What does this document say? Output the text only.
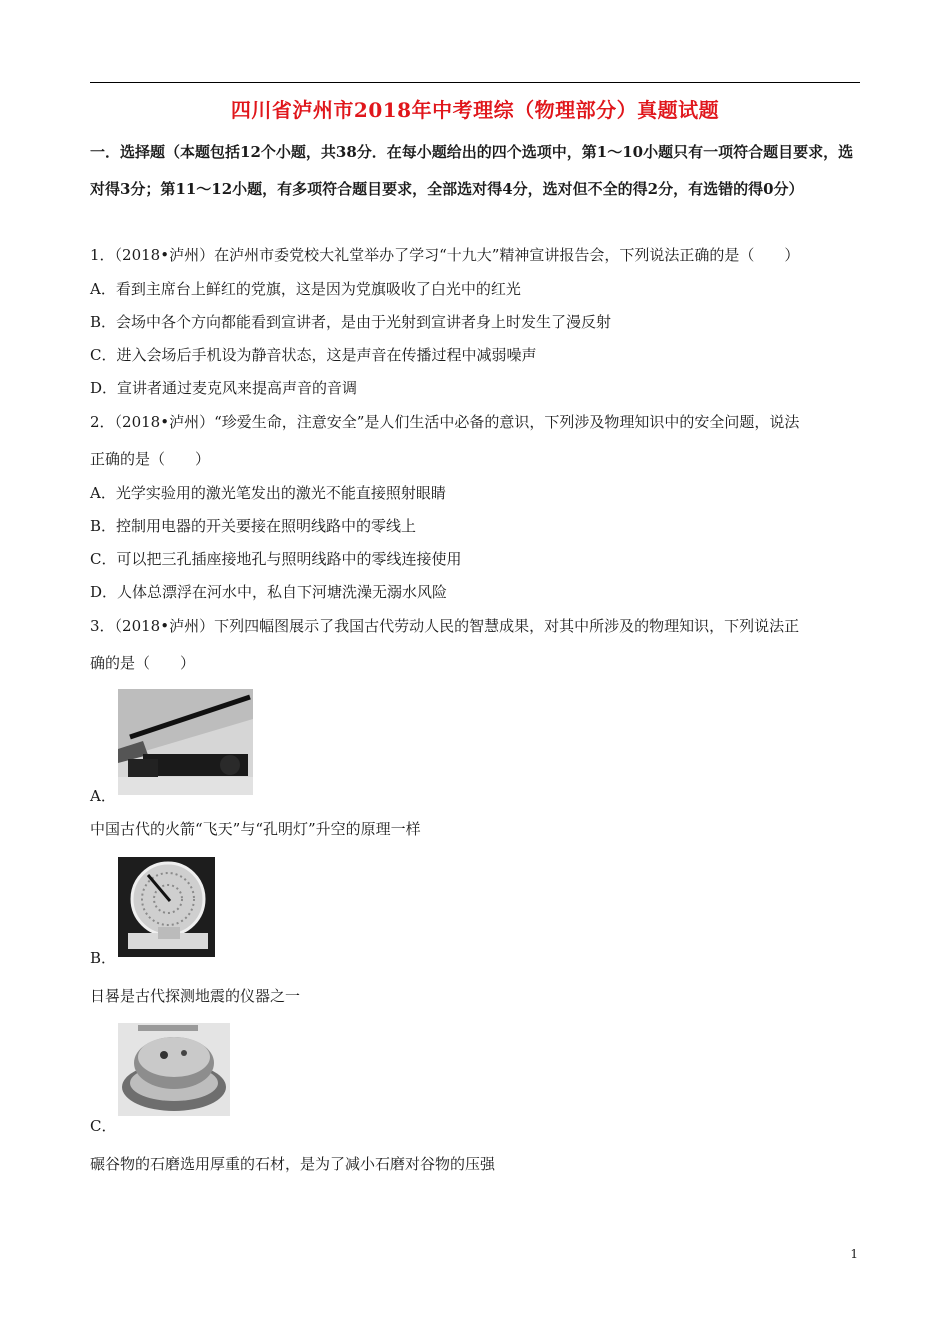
四川省泸州市2018年中考理综（物理部分）真题试题
一．选择题（本题包括12个小题，共38分．在每小题给出的四个选项中，第1～10小题只有一项符合题目要求，选对得3分；第11～12小题，有多项符合题目要求，全部选对得4分，选对但不全的得2分，有选错的得0分）
1．（2018•泸州）在泸州市委党校大礼堂举办了学习“十九大”精神宣讲报告会，下列说法正确的是（　　）
A．看到主席台上鲜红的党旗，这是因为党旗吸收了白光中的红光
B．会场中各个方向都能看到宣讲者，是由于光射到宣讲者身上时发生了漫反射
C．进入会场后手机设为静音状态，这是声音在传播过程中减弱噪声
D．宣讲者通过麦克风来提高声音的音调
2．（2018•泸州）“珍爱生命，注意安全”是人们生活中必备的意识，下列涉及物理知识中的安全问题，说法
正确的是（　　）
A．光学实验用的激光笔发出的激光不能直接照射眼睛
B．控制用电器的开关要接在照明线路中的零线上
C．可以把三孔插座接地孔与照明线路中的零线连接使用
D．人体总漂浮在河水中，私自下河塘洗澡无溺水风险
3．（2018•泸州）下列四幅图展示了我国古代劳动人民的智慧成果，对其中所涉及的物理知识，下列说法正
确的是（　　）
A．
中国古代的火箭“飞天”与“孔明灯”升空的原理一样
B．
日晷是古代探测地震的仪器之一
C．
碾谷物的石磨选用厚重的石材，是为了减小石磨对谷物的压强
1
